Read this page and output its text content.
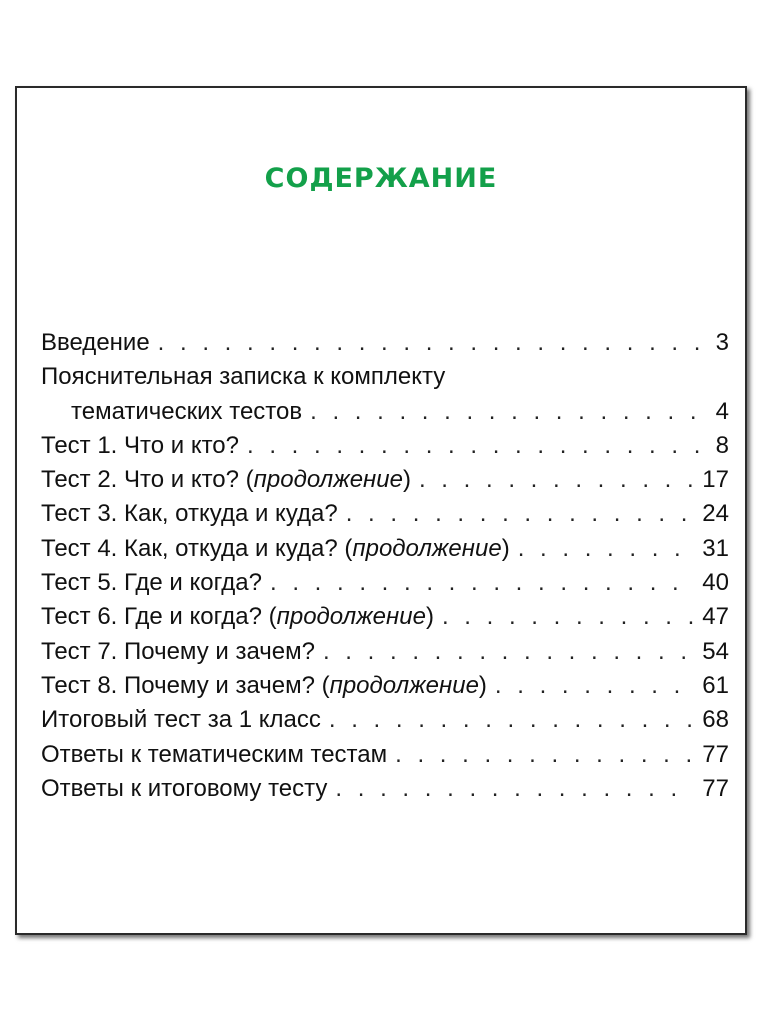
СОДЕРЖАНИЕ
Введение . . .	3
Пояснительная записка к комплекту
тематических тестов . . .	4
Тест 1. Что и кто? . . .	8
Тест 2. Что и кто? (продолжение) . . .	17
Тест 3. Как, откуда и куда? . . .	24
Тест 4. Как, откуда и куда? (продолжение) . . .	31
Тест 5. Где и когда? . . .	40
Тест 6. Где и когда? (продолжение) . . .	47
Тест 7. Почему и зачем? . . .	54
Тест 8. Почему и зачем? (продолжение) . . .	61
Итоговый тест за 1 класс . . .	68
Ответы к тематическим тестам . . .	77
Ответы к итоговому тесту . . .	77
